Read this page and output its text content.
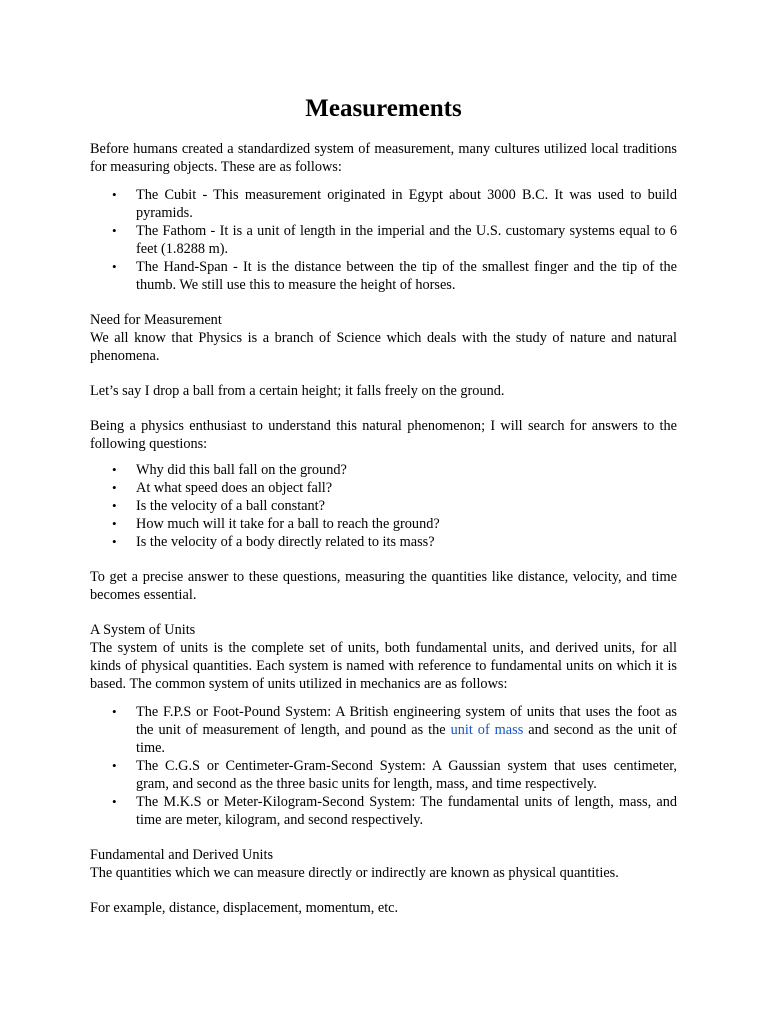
Measurements

Before humans created a standardized system of measurement, many cultures utilized local traditions for measuring objects. These are as follows:

• The Cubit - This measurement originated in Egypt about 3000 B.C. It was used to build pyramids.
• The Fathom - It is a unit of length in the imperial and the U.S. customary systems equal to 6 feet (1.8288 m).
• The Hand-Span - It is the distance between the tip of the smallest finger and the tip of the thumb. We still use this to measure the height of horses.

Need for Measurement

We all know that Physics is a branch of Science which deals with the study of nature and natural phenomena.

Let’s say I drop a ball from a certain height; it falls freely on the ground.

Being a physics enthusiast to understand this natural phenomenon; I will search for answers to the following questions:

• Why did this ball fall on the ground?
• At what speed does an object fall?
• Is the velocity of a ball constant?
• How much will it take for a ball to reach the ground?
• Is the velocity of a body directly related to its mass?

To get a precise answer to these questions, measuring the quantities like distance, velocity, and time becomes essential.

A System of Units

The system of units is the complete set of units, both fundamental units, and derived units, for all kinds of physical quantities. Each system is named with reference to fundamental units on which it is based. The common system of units utilized in mechanics are as follows:

• The F.P.S or Foot-Pound System: A British engineering system of units that uses the foot as the unit of measurement of length, and pound as the unit of mass and second as the unit of time.
• The C.G.S or Centimeter-Gram-Second System: A Gaussian system that uses centimeter, gram, and second as the three basic units for length, mass, and time respectively.
• The M.K.S or Meter-Kilogram-Second System: The fundamental units of length, mass, and time are meter, kilogram, and second respectively.

Fundamental and Derived Units

The quantities which we can measure directly or indirectly are known as physical quantities.

For example, distance, displacement, momentum, etc.
